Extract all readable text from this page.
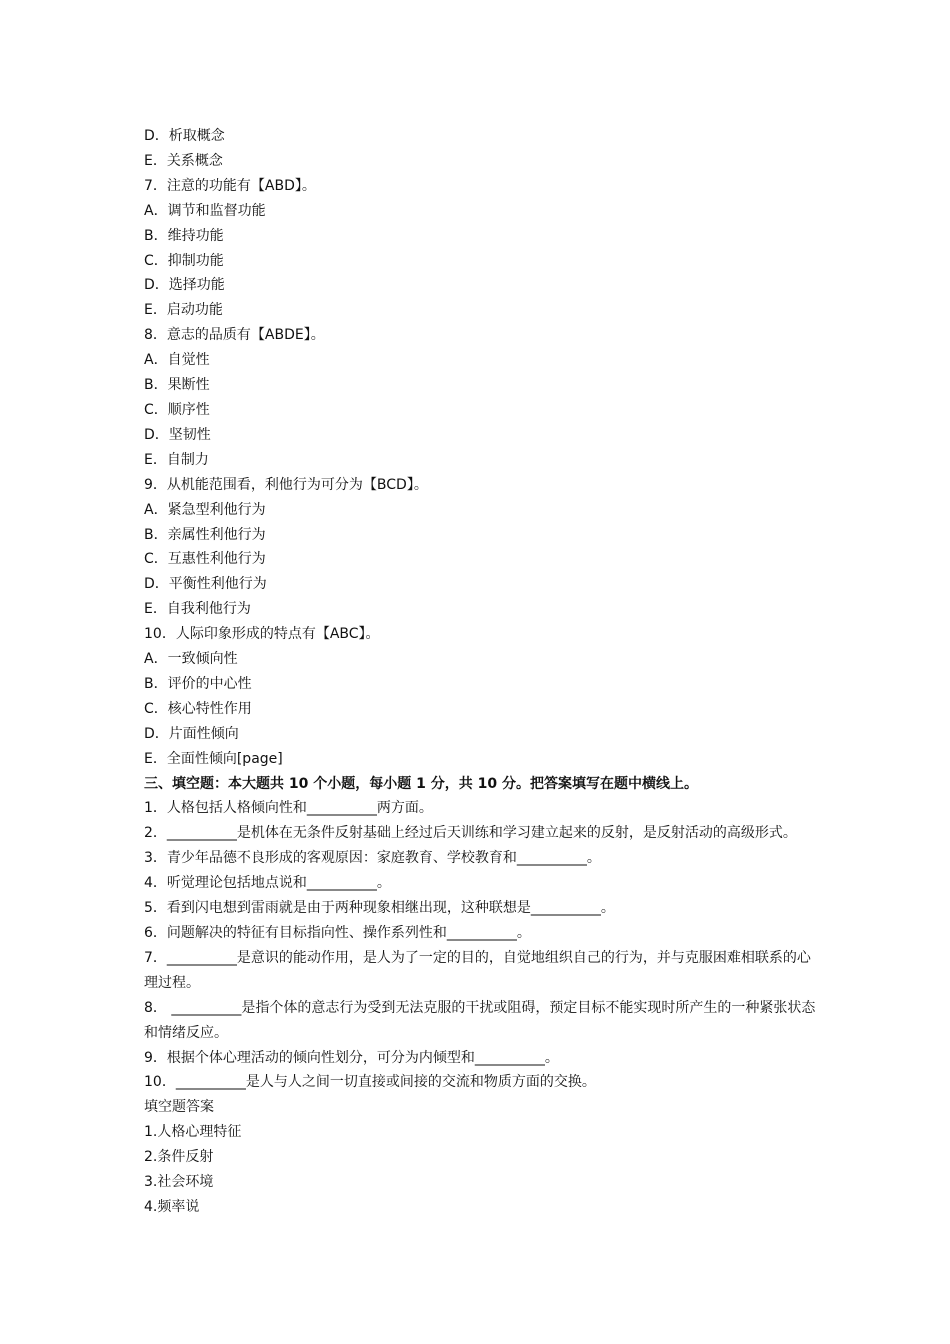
D．析取概念
E．关系概念
7．注意的功能有【ABD】。
A．调节和监督功能
B．维持功能
C．抑制功能
D．选择功能
E．启动功能
8．意志的品质有【ABDE】。
A．自觉性
B．果断性
C．顺序性
D．坚韧性
E．自制力
9．从机能范围看，利他行为可分为【BCD】。
A．紧急型利他行为
B．亲属性利他行为
C．互惠性利他行为
D．平衡性利他行为
E．自我利他行为
10．人际印象形成的特点有【ABC】。
A．一致倾向性
B．评价的中心性
C．核心特性作用
D．片面性倾向
E．全面性倾向[page]
三、填空题：本大题共 10 个小题，每小题 1 分，共 10 分。把答案填写在题中横线上。
1．人格包括人格倾向性和__________两方面。
2．__________是机体在无条件反射基础上经过后天训练和学习建立起来的反射，是反射活动的高级形式。
3．青少年品德不良形成的客观原因：家庭教育、学校教育和__________。
4．听觉理论包括地点说和__________。
5．看到闪电想到雷雨就是由于两种现象相继出现，这种联想是__________。
6．问题解决的特征有目标指向性、操作系列性和__________。
7．__________是意识的能动作用，是人为了一定的目的，自觉地组织自己的行为，并与克服困难相联系的心理过程。
8． __________是指个体的意志行为受到无法克服的干扰或阻碍，预定目标不能实现时所产生的一种紧张状态和情绪反应。
9．根据个体心理活动的倾向性划分，可分为内倾型和__________。
10．__________是人与人之间一切直接或间接的交流和物质方面的交换。
填空题答案
1.人格心理特征
2.条件反射
3.社会环境
4.频率说
